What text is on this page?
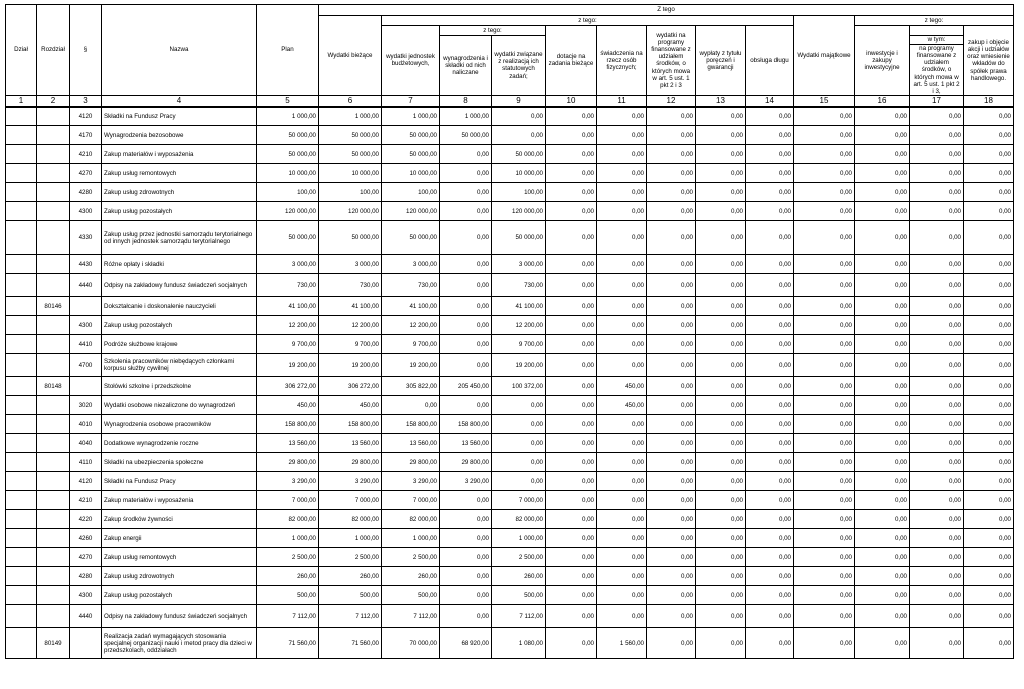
Dział	Rozdział	§	Nazwa	Plan	Z tego												
					Wydatki bieżące	z tego:								Wydatki majątkowe	z tego:		
						wydatki jednostek budżetowych,	z tego:		dotacje na zadania bieżące	świadczenia na rzecz osób fizycznych;	wydatki na programy finansowane z udziałem środków, o których mowa w art. 5 ust. 1 pkt 2 i 3	wypłaty z tytułu poręczeń i gwarancji	obsługa długu		inwestycje i zakupy inwestycyjne		zakup i objęcie akcji i udziałów oraz wniesienie wkładów do spółek prawa handlowego.
							wynagrodzenia i składki od nich naliczane	wydatki związane z realizacją ich statutowych zadań;								w tym:	
																na programy finansowane z udziałem środków, o których mowa w art. 5 ust. 1 pkt 2 i 3,	
1	2	3	4	5	6	7	8	9	10	11	12	13	14	15	16	17	18
		4120	Składki na Fundusz Pracy	1 000,00	1 000,00	1 000,00	1 000,00	0,00	0,00	0,00	0,00	0,00	0,00	0,00	0,00	0,00	0,00
		4170	Wynagrodzenia bezosobowe	50 000,00	50 000,00	50 000,00	50 000,00	0,00	0,00	0,00	0,00	0,00	0,00	0,00	0,00	0,00	0,00
		4210	Zakup materiałów i wyposażenia	50 000,00	50 000,00	50 000,00	0,00	50 000,00	0,00	0,00	0,00	0,00	0,00	0,00	0,00	0,00	0,00
		4270	Zakup usług remontowych	10 000,00	10 000,00	10 000,00	0,00	10 000,00	0,00	0,00	0,00	0,00	0,00	0,00	0,00	0,00	0,00
		4280	Zakup usług zdrowotnych	100,00	100,00	100,00	0,00	100,00	0,00	0,00	0,00	0,00	0,00	0,00	0,00	0,00	0,00
		4300	Zakup usług pozostałych	120 000,00	120 000,00	120 000,00	0,00	120 000,00	0,00	0,00	0,00	0,00	0,00	0,00	0,00	0,00	0,00
		4330	Zakup usług przez jednostki samorządu terytorialnego od innych jednostek samorządu terytorialnego	50 000,00	50 000,00	50 000,00	0,00	50 000,00	0,00	0,00	0,00	0,00	0,00	0,00	0,00	0,00	0,00
		4430	Różne opłaty i składki	3 000,00	3 000,00	3 000,00	0,00	3 000,00	0,00	0,00	0,00	0,00	0,00	0,00	0,00	0,00	0,00
		4440	Odpisy na zakładowy fundusz świadczeń socjalnych	730,00	730,00	730,00	0,00	730,00	0,00	0,00	0,00	0,00	0,00	0,00	0,00	0,00	0,00
	80146		Dokształcanie i doskonalenie nauczycieli	41 100,00	41 100,00	41 100,00	0,00	41 100,00	0,00	0,00	0,00	0,00	0,00	0,00	0,00	0,00	0,00
		4300	Zakup usług pozostałych	12 200,00	12 200,00	12 200,00	0,00	12 200,00	0,00	0,00	0,00	0,00	0,00	0,00	0,00	0,00	0,00
		4410	Podróże służbowe krajowe	9 700,00	9 700,00	9 700,00	0,00	9 700,00	0,00	0,00	0,00	0,00	0,00	0,00	0,00	0,00	0,00
		4700	Szkolenia pracowników niebędących członkami korpusu służby cywilnej	19 200,00	19 200,00	19 200,00	0,00	19 200,00	0,00	0,00	0,00	0,00	0,00	0,00	0,00	0,00	0,00
	80148		Stołówki szkolne i przedszkolne	306 272,00	306 272,00	305 822,00	205 450,00	100 372,00	0,00	450,00	0,00	0,00	0,00	0,00	0,00	0,00	0,00
		3020	Wydatki osobowe niezaliczone do wynagrodzeń	450,00	450,00	0,00	0,00	0,00	0,00	450,00	0,00	0,00	0,00	0,00	0,00	0,00	0,00
		4010	Wynagrodzenia osobowe pracowników	158 800,00	158 800,00	158 800,00	158 800,00	0,00	0,00	0,00	0,00	0,00	0,00	0,00	0,00	0,00	0,00
		4040	Dodatkowe wynagrodzenie roczne	13 560,00	13 560,00	13 560,00	13 560,00	0,00	0,00	0,00	0,00	0,00	0,00	0,00	0,00	0,00	0,00
		4110	Składki na ubezpieczenia społeczne	29 800,00	29 800,00	29 800,00	29 800,00	0,00	0,00	0,00	0,00	0,00	0,00	0,00	0,00	0,00	0,00
		4120	Składki na Fundusz Pracy	3 290,00	3 290,00	3 290,00	3 290,00	0,00	0,00	0,00	0,00	0,00	0,00	0,00	0,00	0,00	0,00
		4210	Zakup materiałów i wyposażenia	7 000,00	7 000,00	7 000,00	0,00	7 000,00	0,00	0,00	0,00	0,00	0,00	0,00	0,00	0,00	0,00
		4220	Zakup środków żywności	82 000,00	82 000,00	82 000,00	0,00	82 000,00	0,00	0,00	0,00	0,00	0,00	0,00	0,00	0,00	0,00
		4260	Zakup energii	1 000,00	1 000,00	1 000,00	0,00	1 000,00	0,00	0,00	0,00	0,00	0,00	0,00	0,00	0,00	0,00
		4270	Zakup usług remontowych	2 500,00	2 500,00	2 500,00	0,00	2 500,00	0,00	0,00	0,00	0,00	0,00	0,00	0,00	0,00	0,00
		4280	Zakup usług zdrowotnych	260,00	260,00	260,00	0,00	260,00	0,00	0,00	0,00	0,00	0,00	0,00	0,00	0,00	0,00
		4300	Zakup usług pozostałych	500,00	500,00	500,00	0,00	500,00	0,00	0,00	0,00	0,00	0,00	0,00	0,00	0,00	0,00
		4440	Odpisy na zakładowy fundusz świadczeń socjalnych	7 112,00	7 112,00	7 112,00	0,00	7 112,00	0,00	0,00	0,00	0,00	0,00	0,00	0,00	0,00	0,00
	80149		Realizacja zadań wymagających stosowania specjalnej organizacji nauki i metod pracy dla dzieci w przedszkolach, oddziałach	71 560,00	71 560,00	70 000,00	68 920,00	1 080,00	0,00	1 560,00	0,00	0,00	0,00	0,00	0,00	0,00	0,00
